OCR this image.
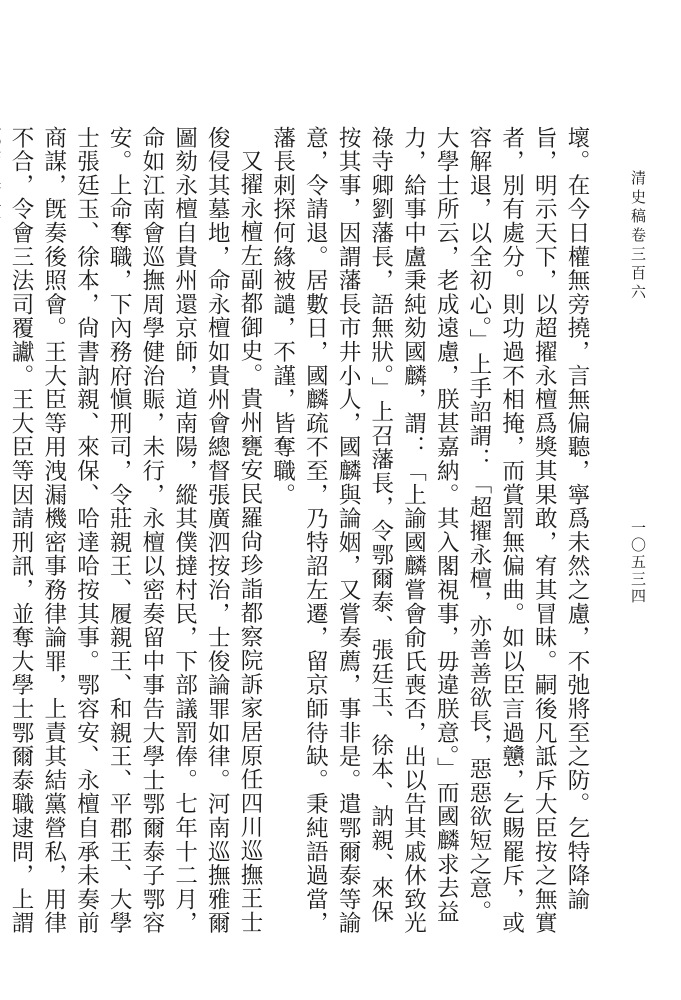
清史稿卷三百六
一〇五三四

壞。在今日權無旁撓，言無偏聽，寧爲未然之慮，不弛將至之防。乞特降諭旨，明示天下，以超擢永檀爲獎其果敢，宥其冒昧。嗣後凡詆斥大臣按之無實者，別有處分。則功過不相掩，而賞罰無偏曲。如以臣言過戇，乞賜罷斥，或容解退，以全初心。」上手詔謂：「超擢永檀，亦善善欲長，惡惡欲短之意。大學士所云，老成遠慮，朕甚嘉納。其入閣視事，毋違朕意。」而國麟求去益力，給事中盧秉純劾國麟，謂：「上諭國麟嘗會俞氏喪否，出以告其戚休致光祿寺卿劉藩長，語無狀。」上召藩長，令鄂爾泰、張廷玉、徐本、訥親、來保按其事，因謂藩長市井小人，國麟與論姻，又嘗奏薦，事非是。遣鄂爾泰等諭意，令請退。居數日，國麟疏不至，乃特詔左遷，留京師待缺。秉純語過當，藩長刺探何緣被譴，不謹，皆奪職。

又擢永檀左副都御史。貴州甕安民羅尙珍詣都察院訴家居原任四川巡撫王士俊侵其墓地，命永檀如貴州會總督張廣泗按治，士俊論罪如律。河南巡撫雅爾圖劾永檀自貴州還京師，道南陽，縱其僕撻村民，下部議罰俸。七年十二月，命如江南會巡撫周學健治賑，未行，永檀以密奏留中事告大學士鄂爾泰子鄂容安。上命奪職，下內務府愼刑司，令莊親王、履親王、和親王、平郡王、大學士張廷玉、徐本，尙書訥親、來保、哈達哈按其事。鄂容安、永檀自承未奏前商謀，旣奏後照會。王大臣等用洩漏機密事務律論罪，上責其結黨營私，用律不合，令會三法司覆讞。王大臣等因請刑訊，並奪大學士鄂爾泰職逮問，上謂
